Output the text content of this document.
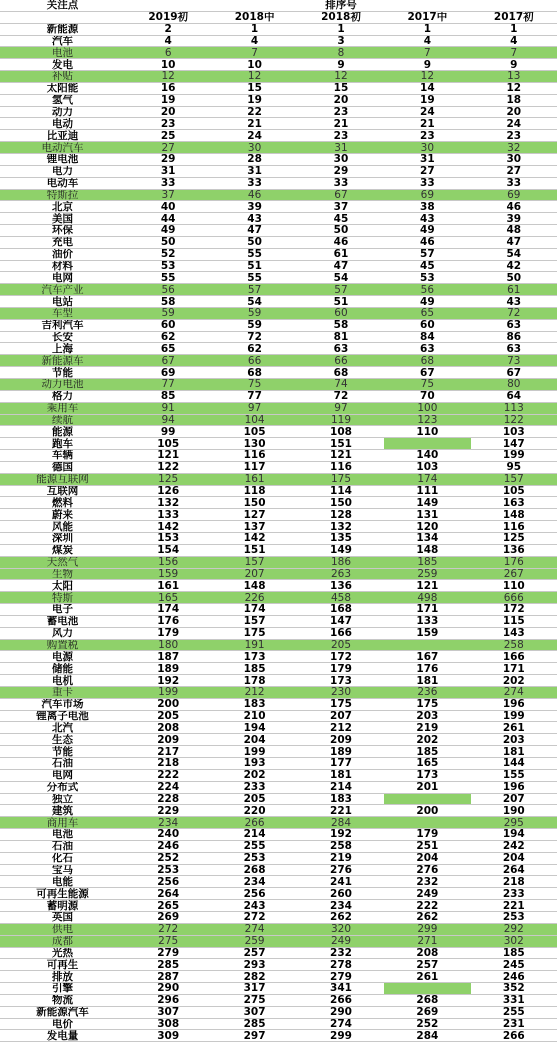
关注点	排序号				
	2019初	2018中	2018初	2017中	2017初
新能源	2	1	1	1	1
汽车	4	4	3	4	4
电池	6	7	8	7	7
发电	10	10	9	9	9
补贴	12	12	12	12	13
太阳能	16	15	15	14	12
氢气	19	19	20	19	18
动力	20	22	23	24	20
电动	23	21	21	21	24
比亚迪	25	24	23	23	23
电动汽车	27	30	31	30	32
锂电池	29	28	30	31	30
电力	31	31	29	27	27
电动车	33	33	33	33	33
特斯拉	37	46	67	69	69
北京	40	39	37	38	46
美国	44	43	45	43	39
环保	49	47	50	49	48
充电	50	50	46	46	47
油价	52	55	61	57	54
材料	53	51	47	45	42
电网	55	55	54	53	50
汽车产业	56	57	57	56	61
电站	58	54	51	49	43
车型	59	59	60	65	72
吉利汽车	60	59	58	60	63
长安	62	72	81	84	86
上海	65	62	63	63	63
新能源车	67	66	66	68	73
节能	69	68	68	67	67
动力电池	77	75	74	75	80
格力	85	77	72	70	64
乘用车	91	97	97	100	113
续航	94	104	119	123	122
能源	99	105	108	110	103
跑车	105	130	151		147
车辆	121	116	121	140	199
德国	122	117	116	103	95
能源互联网	125	161	175	174	157
互联网	126	118	114	111	105
燃料	132	150	150	149	163
蔚来	133	127	128	131	148
风能	142	137	132	120	116
深圳	153	142	135	134	125
煤炭	154	151	149	148	136
天然气	156	157	186	185	176
生物	159	207	263	259	267
太阳	161	148	136	121	110
特斯	165	226	458	498	666
电子	174	174	168	171	172
蓄电池	176	157	147	133	115
风力	179	175	166	159	143
购置税	180	191	205		258
电源	187	173	172	167	166
储能	189	185	179	176	171
电机	192	178	173	181	202
重卡	199	212	230	236	274
汽车市场	200	183	175	175	196
锂离子电池	205	210	207	203	199
北汽	208	194	212	219	261
生态	209	204	209	202	203
节能	217	199	189	185	181
石油	218	193	177	165	144
电网	222	202	181	173	155
分布式	224	233	214	201	196
独立	228	205	183		207
建筑	229	220	221	200	190
商用车	234	266	284		295
电池	240	214	192	179	194
石油	246	255	258	251	242
化石	252	253	219	204	204
宝马	253	268	276	276	264
电能	256	234	241	232	218
可再生能源	264	256	260	249	233
蓄明源	265	243	234	222	221
英国	269	272	262	262	253
供电	272	274	320	299	292
成都	275	259	249	271	302
光热	279	257	232	208	185
可再生	285	293	278	257	245
排放	287	282	279	261	246
引擎	290	317	341		352
物流	296	275	266	268	331
新能源汽车	307	307	290	269	255
电价	308	285	274	252	231
发电量	309	297	299	284	266
